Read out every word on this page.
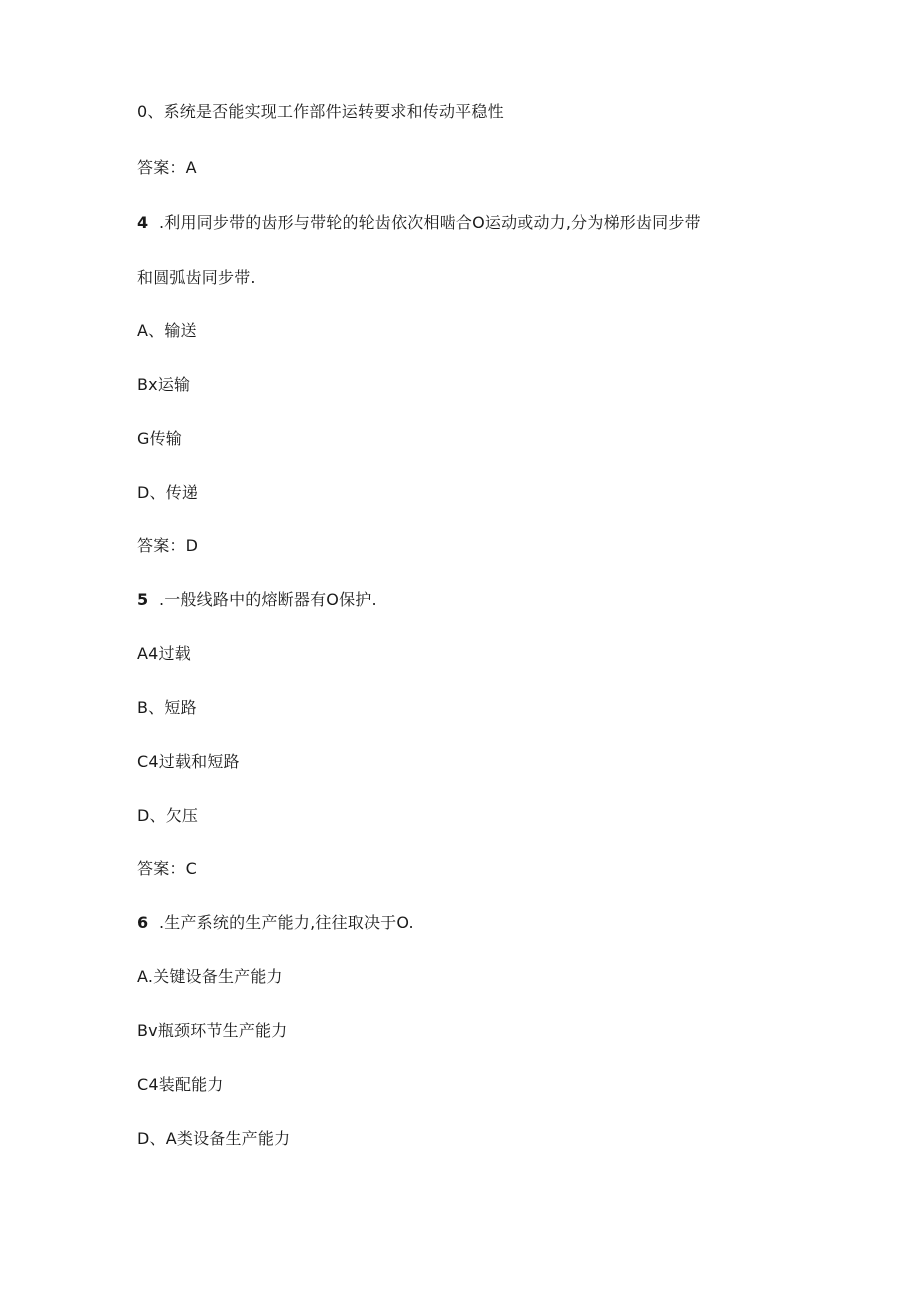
0、系统是否能实现工作部件运转要求和传动平稳性
答案：A
4 .利用同步带的齿形与带轮的轮齿依次相啮合O运动或动力,分为梯形齿同步带
和圆弧齿同步带.
A、输送
Bx运输
G传输
D、传递
答案：D
5 .一般线路中的熔断器有O保护.
A4过载
B、短路
C4过载和短路
D、欠压
答案：C
6 .生产系统的生产能力,往往取决于O.
A.关键设备生产能力
Bv瓶颈环节生产能力
C4装配能力
D、A类设备生产能力
